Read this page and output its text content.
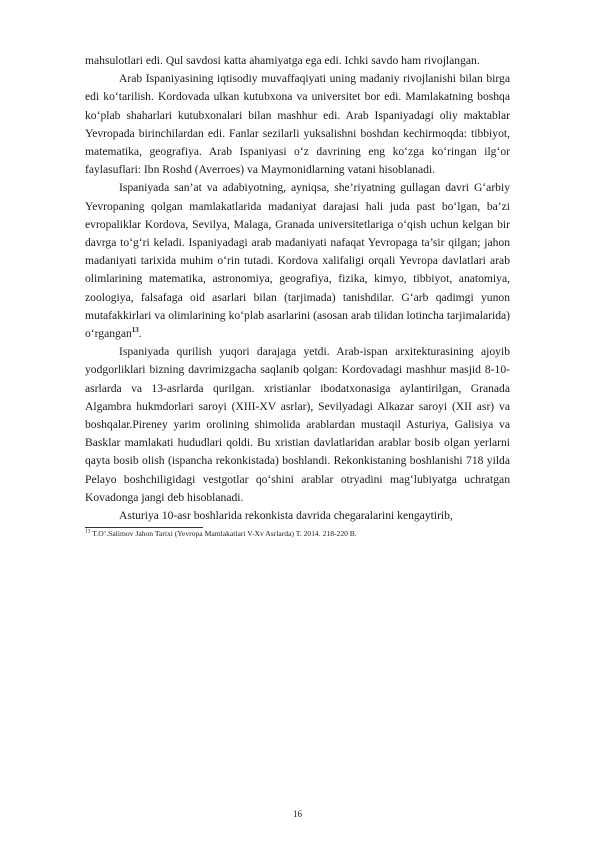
mahsulotlari edi. Qul savdosi katta ahamiyatga ega edi. Ichki savdo ham rivojlangan.

Arab Ispaniyasining iqtisodiy muvaffaqiyati uning madaniy rivojlanishi bilan birga edi ko‘tarilish. Kordovada ulkan kutubxona va universitet bor edi. Mamlakatning boshqa ko‘plab shaharlari kutubxonalari bilan mashhur edi. Arab Ispaniyadagi oliy maktablar Yevropada birinchilardan edi. Fanlar sezilarli yuksalishni boshdan kechirmoqda: tibbiyot, matematika, geografiya. Arab Ispaniyasi o‘z davrining eng ko‘zga ko‘ringan ilg‘or faylasuflari: Ibn Roshd (Averroes) va Maymonidlarning vatani hisoblanadi.

Ispaniyada san’at va adabiyotning, ayniqsa, she’riyatning gullagan davri G‘arbiy Yevropaning qolgan mamlakatlarida madaniyat darajasi hali juda past bo‘lgan, ba’zi evropaliklar Kordova, Sevilya, Malaga, Granada universitetlariga o‘qish uchun kelgan bir davrga to‘g‘ri keladi. Ispaniyadagi arab madaniyati nafaqat Yevropaga ta’sir qilgan; jahon madaniyati tarixida muhim o‘rin tutadi. Kordova xalifaligi orqali Yevropa davlatlari arab olimlarining matematika, astronomiya, geografiya, fizika, kimyo, tibbiyot, anatomiya, zoologiya, falsafaga oid asarlari bilan (tarjimada) tanishdilar. G‘arb qadimgi yunon mutafakkirlari va olimlarining ko‘plab asarlarini (asosan arab tilidan lotincha tarjimalarida) o‘rgangan$^{13}$.

Ispaniyada qurilish yuqori darajaga yetdi. Arab-ispan arxitekturasining ajoyib yodgorliklari bizning davrimizgacha saqlanib qolgan: Kordovadagi mashhur masjid 8-10-asrlarda va 13-asrlarda qurilgan. xristianlar ibodatxonasiga aylantirilgan, Granada Algambra hukmdorlari saroyi (XIII-XV asrlar), Sevilyadagi Alkazar saroyi (XII asr) va boshqalar.Pireney yarim orolining shimolida arablardan mustaqil Asturiya, Galisiya va Basklar mamlakati hududlari qoldi. Bu xristian davlatlaridan arablar bosib olgan yerlarni qayta bosib olish (ispancha rekonkistada) boshlandi. Rekonkistaning boshlanishi 718 yilda Pelayo boshchiligidagi vestgotlar qo‘shini arablar otryadini mag‘lubiyatga uchratgan Kovadonga jangi deb hisoblanadi.

Asturiya 10-asr boshlarida rekonkista davrida chegaralarini kengaytirib,

$^{13}$ T.O’.Salimov Jahon Tarixi (Yevropa Mamlakatlari V-Xv Asrlarda) T. 2014. 218-220 B.

16
